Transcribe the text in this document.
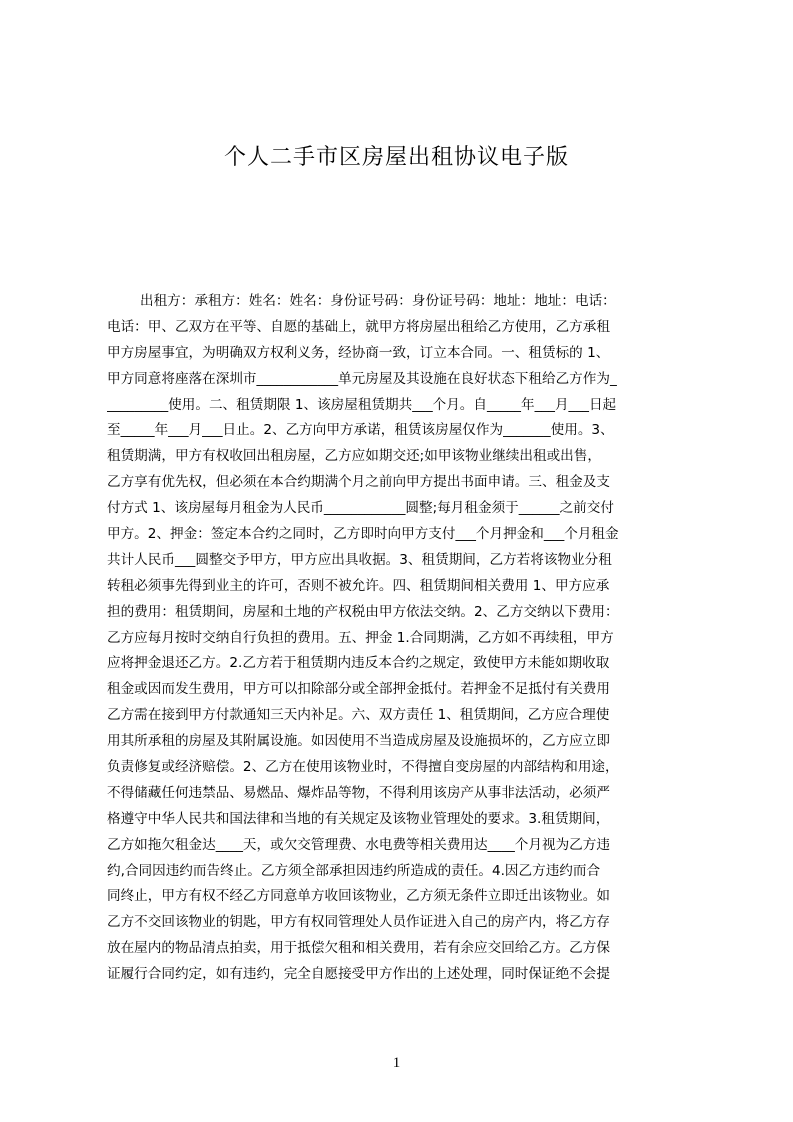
个人二手市区房屋出租协议电子版
出租方：承租方：姓名：姓名：身份证号码：身份证号码：地址：地址：电话：
电话：甲、乙双方在平等、自愿的基础上，就甲方将房屋出租给乙方使用，乙方承租
甲方房屋事宜，为明确双方权利义务，经协商一致，订立本合同。一、租赁标的 1、
甲方同意将座落在深圳市____________单元房屋及其设施在良好状态下租给乙方作为_
_________使用。二、租赁期限 1、该房屋租赁期共___个月。自_____年___月___日起
至_____年___月___日止。2、乙方向甲方承诺，租赁该房屋仅作为_______使用。3、
租赁期满，甲方有权收回出租房屋，乙方应如期交还;如甲该物业继续出租或出售，
乙方享有优先权，但必须在本合约期满个月之前向甲方提出书面申请。三、租金及支
付方式 1、该房屋每月租金为人民币____________圆整;每月租金须于______之前交付
甲方。2、押金：签定本合约之同时，乙方即时向甲方支付___个月押金和___个月租金
共计人民币___圆整交予甲方，甲方应出具收据。3、租赁期间，乙方若将该物业分租
转租必须事先得到业主的许可，否则不被允许。四、租赁期间相关费用 1、甲方应承
担的费用：租赁期间，房屋和土地的产权税由甲方依法交纳。2、乙方交纳以下费用：
乙方应每月按时交纳自行负担的费用。五、押金 1.合同期满，乙方如不再续租，甲方
应将押金退还乙方。2.乙方若于租赁期内违反本合约之规定，致使甲方未能如期收取
租金或因而发生费用，甲方可以扣除部分或全部押金抵付。若押金不足抵付有关费用
乙方需在接到甲方付款通知三天内补足。六、双方责任 1、租赁期间，乙方应合理使
用其所承租的房屋及其附属设施。如因使用不当造成房屋及设施损坏的，乙方应立即
负责修复或经济赔偿。2、乙方在使用该物业时，不得擅自变房屋的内部结构和用途，
不得储藏任何违禁品、易燃品、爆炸品等物，不得利用该房产从事非法活动，必须严
格遵守中华人民共和国法律和当地的有关规定及该物业管理处的要求。3.租赁期间，
乙方如拖欠租金达____天，或欠交管理费、水电费等相关费用达____个月视为乙方违
约,合同因违约而告终止。乙方须全部承担因违约所造成的责任。4.因乙方违约而合
同终止，甲方有权不经乙方同意单方收回该物业，乙方须无条件立即迁出该物业。如
乙方不交回该物业的钥匙，甲方有权同管理处人员作证进入自己的房产内，将乙方存
放在屋内的物品清点拍卖，用于抵偿欠租和相关费用，若有余应交回给乙方。乙方保
证履行合同约定，如有违约，完全自愿接受甲方作出的上述处理，同时保证绝不会提
1
